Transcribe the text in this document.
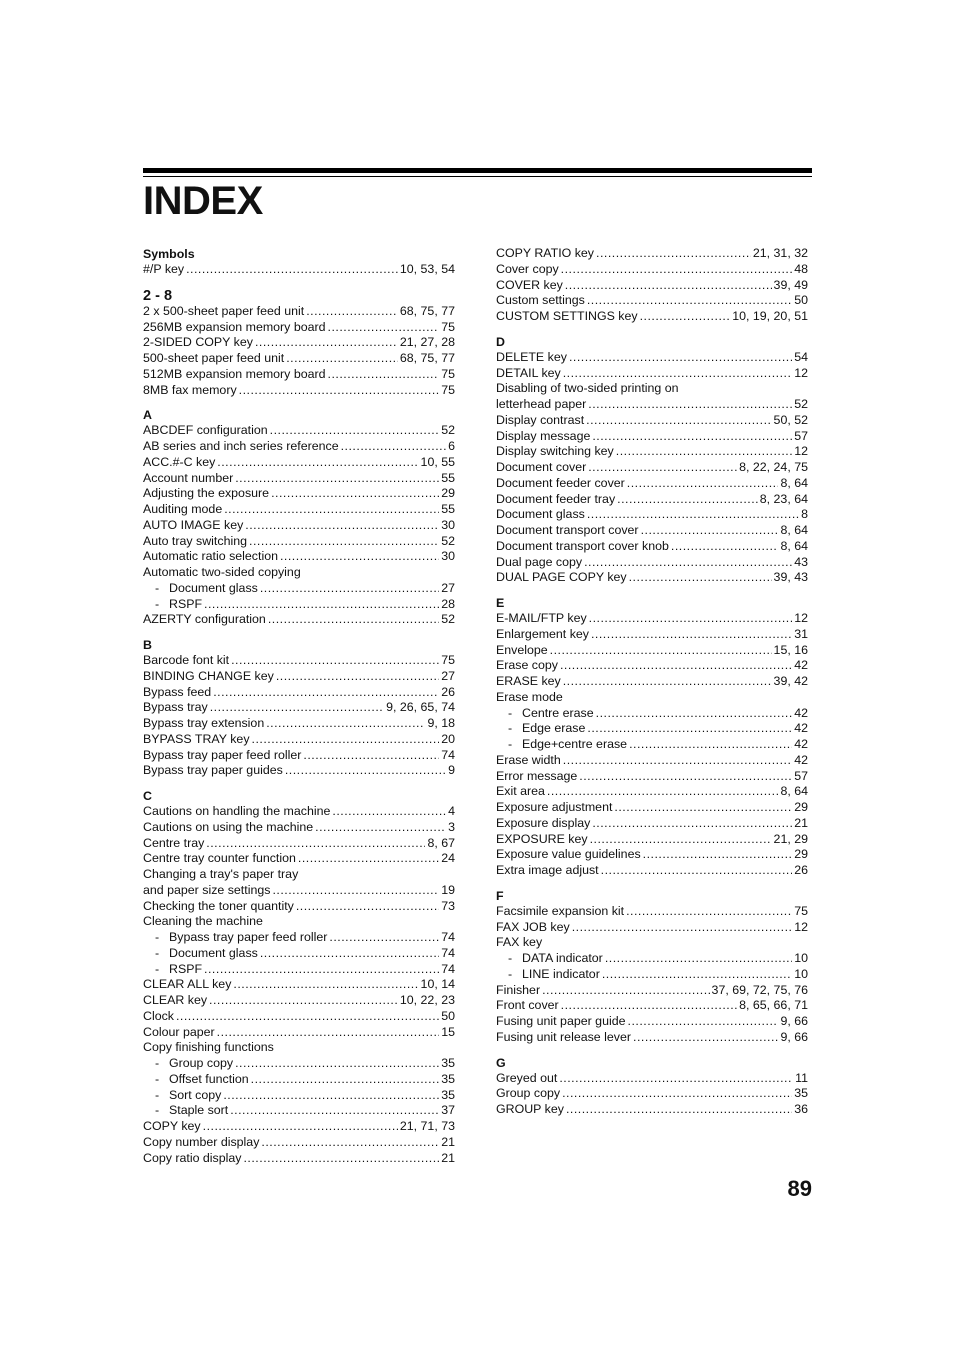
INDEX
Symbols
#/P key .....	10, 53, 54
2 - 8
2 x 500-sheet paper feed unit .....	68, 75, 77
256MB expansion memory board .....	75
2-SIDED COPY key .....	21, 27, 28
500-sheet paper feed unit .....	68, 75, 77
512MB expansion memory board .....	75
8MB fax memory .....	75
A
ABCDEF configuration .....	52
AB series and inch series reference .....	6
ACC.#-C key .....	10, 55
Account number .....	55
Adjusting the exposure .....	29
Auditing mode .....	55
AUTO IMAGE key .....	30
Auto tray switching .....	52
Automatic ratio selection .....	30
Automatic two-sided copying
- Document glass .....	27
- RSPF .....	28
AZERTY configuration .....	52
B
Barcode font kit .....	75
BINDING CHANGE key .....	27
Bypass feed .....	26
Bypass tray .....	9, 26, 65, 74
Bypass tray extension .....	9, 18
BYPASS TRAY key .....	20
Bypass tray paper feed roller .....	74
Bypass tray paper guides .....	9
C
Cautions on handling the machine .....	4
Cautions on using the machine .....	3
Centre tray .....	8, 67
Centre tray counter function .....	24
Changing a tray's paper tray
and paper size settings .....	19
Checking the toner quantity .....	73
Cleaning the machine
- Bypass tray paper feed roller .....	74
- Document glass .....	74
- RSPF .....	74
CLEAR ALL key .....	10, 14
CLEAR key .....	10, 22, 23
Clock .....	50
Colour paper .....	15
Copy finishing functions
- Group copy .....	35
- Offset function .....	35
- Sort copy .....	35
- Staple sort .....	37
COPY key .....	21, 71, 73
Copy number display .....	21
Copy ratio display .....	21
COPY RATIO key .....	21, 31, 32
Cover copy .....	48
COVER key .....	39, 49
Custom settings .....	50
CUSTOM SETTINGS key .....	10, 19, 20, 51
D
DELETE key .....	54
DETAIL key .....	12
Disabling of two-sided printing on
letterhead paper .....	52
Display contrast .....	50, 52
Display message .....	57
Display switching key .....	12
Document cover .....	8, 22, 24, 75
Document feeder cover .....	8, 64
Document feeder tray .....	8, 23, 64
Document glass .....	8
Document transport cover .....	8, 64
Document transport cover knob .....	8, 64
Dual page copy .....	43
DUAL PAGE COPY key .....	39, 43
E
E-MAIL/FTP key .....	12
Enlargement key .....	31
Envelope .....	15, 16
Erase copy .....	42
ERASE key .....	39, 42
Erase mode
- Centre erase .....	42
- Edge erase .....	42
- Edge+centre erase .....	42
Erase width .....	42
Error message .....	57
Exit area .....	8, 64
Exposure adjustment .....	29
Exposure display .....	21
EXPOSURE key .....	21, 29
Exposure value guidelines .....	29
Extra image adjust .....	26
F
Facsimile expansion kit .....	75
FAX JOB key .....	12
FAX key
- DATA indicator .....	10
- LINE indicator .....	10
Finisher .....	37, 69, 72, 75, 76
Front cover .....	8, 65, 66, 71
Fusing unit paper guide .....	9, 66
Fusing unit release lever .....	9, 66
G
Greyed out .....	11
Group copy .....	35
GROUP key .....	36
89
